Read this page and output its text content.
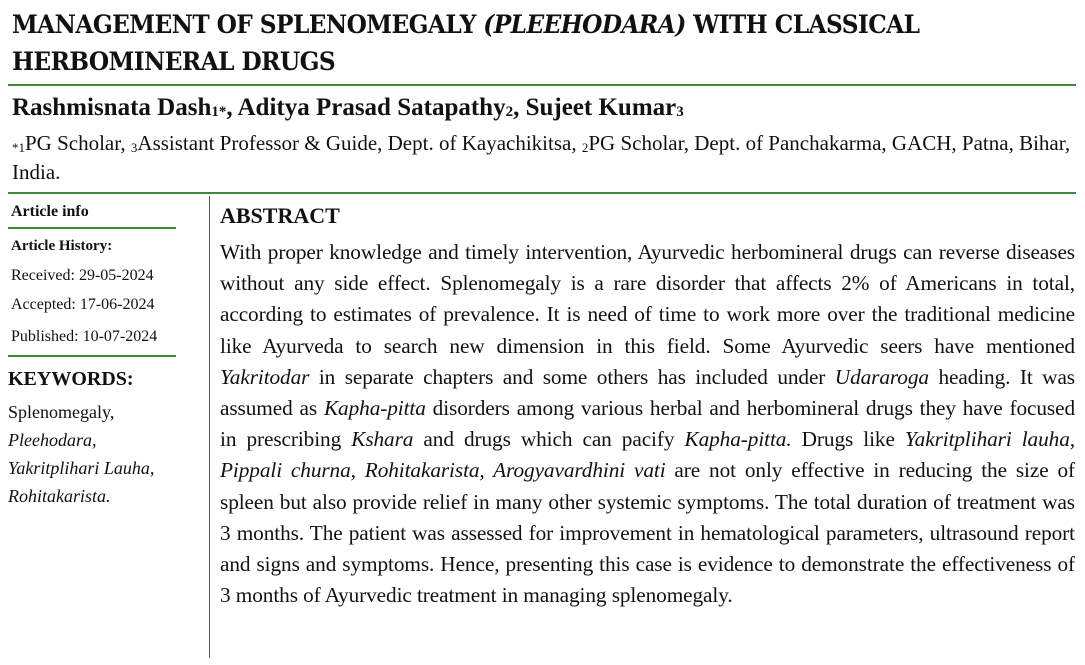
MANAGEMENT OF SPLENOMEGALY (PLEEHODARA) WITH CLASSICAL HERBOMINERAL DRUGS

Rashmisnata Dash$^{1*}$, Aditya Prasad Satapathy$^2$, Sujeet Kumar$^3$

$^{*1}$PG Scholar, $^3$Assistant Professor & Guide, Dept. of Kayachikitsa, $^2$PG Scholar, Dept. of Panchakarma, GACH, Patna, Bihar, India.

Article info
Article History:
Received: 29-05-2024
Accepted: 17-06-2024
Published: 10-07-2024
KEYWORDS:
Splenomegaly,
Pleehodara,
Yakritplihari Lauha,
Rohitakarista.
ABSTRACT

With proper knowledge and timely intervention, Ayurvedic herbomineral drugs can reverse diseases without any side effect. Splenomegaly is a rare disorder that affects 2% of Americans in total, according to estimates of prevalence. It is need of time to work more over the traditional medicine like Ayurveda to search new dimension in this field. Some Ayurvedic seers have mentioned Yakritodar in separate chapters and some others has included under Udararoga heading. It was assumed as Kapha-pitta disorders among various herbal and herbomineral drugs they have focused in prescribing Kshara and drugs which can pacify Kapha-pitta. Drugs like Yakritplihari lauha, Pippali churna, Rohitakarista, Arogyavardhini vati are not only effective in reducing the size of spleen but also provide relief in many other systemic symptoms. The total duration of treatment was 3 months. The patient was assessed for improvement in hematological parameters, ultrasound report and signs and symptoms. Hence, presenting this case is evidence to demonstrate the effectiveness of 3 months of Ayurvedic treatment in managing splenomegaly.
